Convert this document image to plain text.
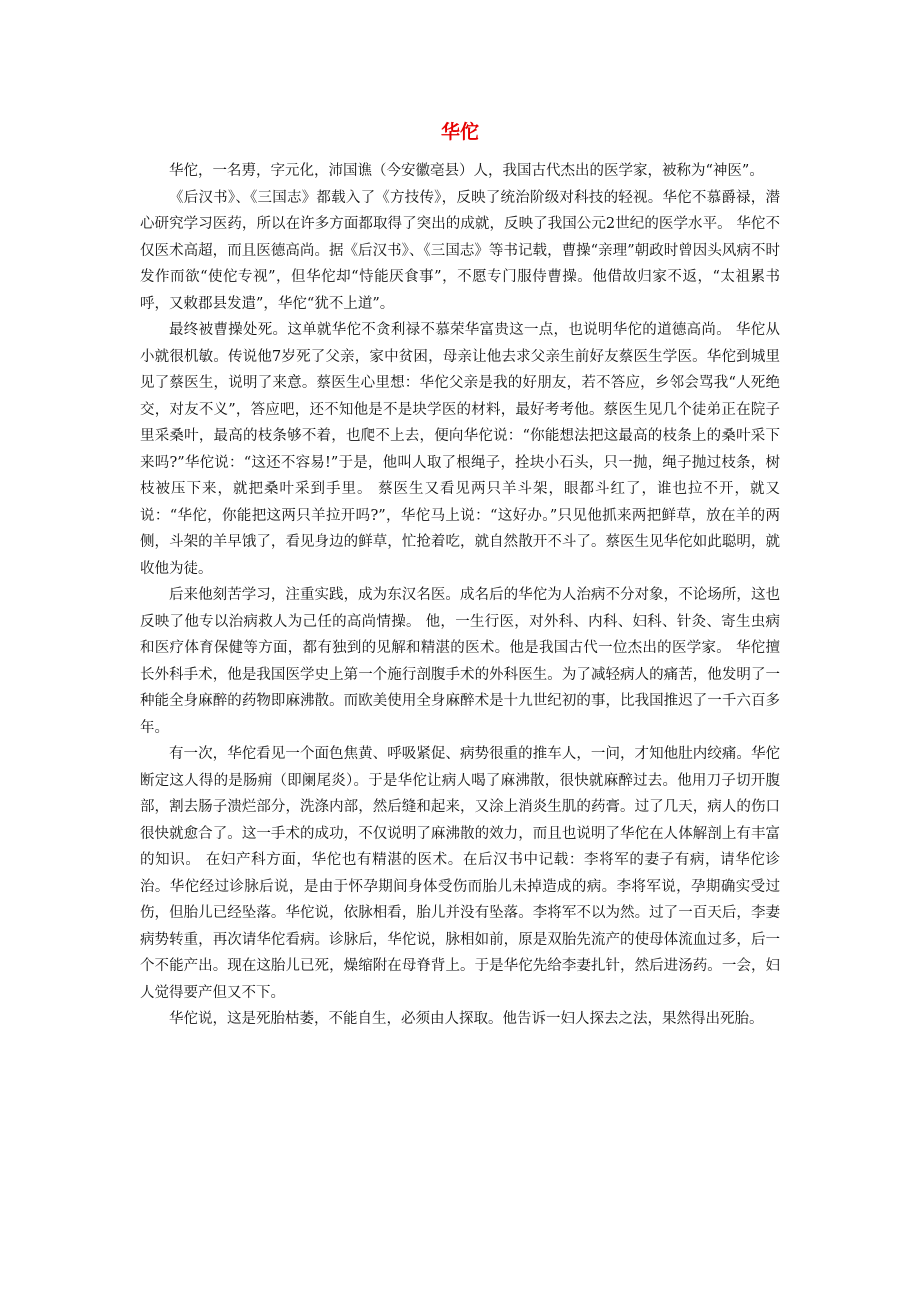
华佗

华佗，一名旉，字元化，沛国谯（今安徽亳县）人，我国古代杰出的医学家，被称为“神医”。

《后汉书》、《三国志》都载入了《方技传》，反映了统治阶级对科技的轻视。华佗不慕爵禄，潜心研究学习医药，所以在许多方面都取得了突出的成就，反映了我国公元2世纪的医学水平。 华佗不仅医术高超，而且医德高尚。据《后汉书》、《三国志》等书记载，曹操“亲理”朝政时曾因头风病不时发作而欲“使佗专视”，但华佗却“恃能厌食事”，不愿专门服侍曹操。他借故归家不返，“太祖累书呼，又敕郡县发遣”，华佗“犹不上道”。

最终被曹操处死。这单就华佗不贪利禄不慕荣华富贵这一点，也说明华佗的道德高尚。 华佗从小就很机敏。传说他7岁死了父亲，家中贫困，母亲让他去求父亲生前好友蔡医生学医。华佗到城里见了蔡医生，说明了来意。蔡医生心里想：华佗父亲是我的好朋友，若不答应，乡邻会骂我“人死绝交，对友不义”，答应吧，还不知他是不是块学医的材料，最好考考他。蔡医生见几个徒弟正在院子里采桑叶，最高的枝条够不着，也爬不上去，便向华佗说：“你能想法把这最高的枝条上的桑叶采下来吗?”华佗说：“这还不容易!”于是，他叫人取了根绳子，拴块小石头，只一抛，绳子抛过枝条，树枝被压下来，就把桑叶采到手里。 蔡医生又看见两只羊斗架，眼都斗红了，谁也拉不开，就又说：“华佗，你能把这两只羊拉开吗?”，华佗马上说：“这好办。”只见他抓来两把鲜草，放在羊的两侧，斗架的羊早饿了，看见身边的鲜草，忙抢着吃，就自然散开不斗了。蔡医生见华佗如此聪明，就收他为徒。

后来他刻苦学习，注重实践，成为东汉名医。成名后的华佗为人治病不分对象，不论场所，这也反映了他专以治病救人为己任的高尚情操。 他，一生行医，对外科、内科、妇科、针灸、寄生虫病和医疗体育保健等方面，都有独到的见解和精湛的医术。他是我国古代一位杰出的医学家。 华佗擅长外科手术，他是我国医学史上第一个施行剖腹手术的外科医生。为了减轻病人的痛苦，他发明了一种能全身麻醉的药物即麻沸散。而欧美使用全身麻醉术是十九世纪初的事，比我国推迟了一千六百多年。

有一次，华佗看见一个面色焦黄、呼吸紧促、病势很重的推车人，一问，才知他肚内绞痛。华佗断定这人得的是肠痈（即阑尾炎）。于是华佗让病人喝了麻沸散，很快就麻醉过去。他用刀子切开腹部，割去肠子溃烂部分，洗涤内部，然后缝和起来，又涂上消炎生肌的药膏。过了几天，病人的伤口很快就愈合了。这一手术的成功，不仅说明了麻沸散的效力，而且也说明了华佗在人体解剖上有丰富的知识。 在妇产科方面，华佗也有精湛的医术。在后汉书中记载：李将军的妻子有病，请华佗诊治。华佗经过诊脉后说，是由于怀孕期间身体受伤而胎儿未掉造成的病。李将军说，孕期确实受过伤，但胎儿已经坠落。华佗说，依脉相看，胎儿并没有坠落。李将军不以为然。过了一百天后，李妻病势转重，再次请华佗看病。诊脉后，华佗说，脉相如前，原是双胎先流产的使母体流血过多，后一个不能产出。现在这胎儿已死，燥缩附在母脊背上。于是华佗先给李妻扎针，然后进汤药。一会，妇人觉得要产但又不下。

华佗说，这是死胎枯萎，不能自生，必须由人探取。他告诉一妇人探去之法，果然得出死胎。
